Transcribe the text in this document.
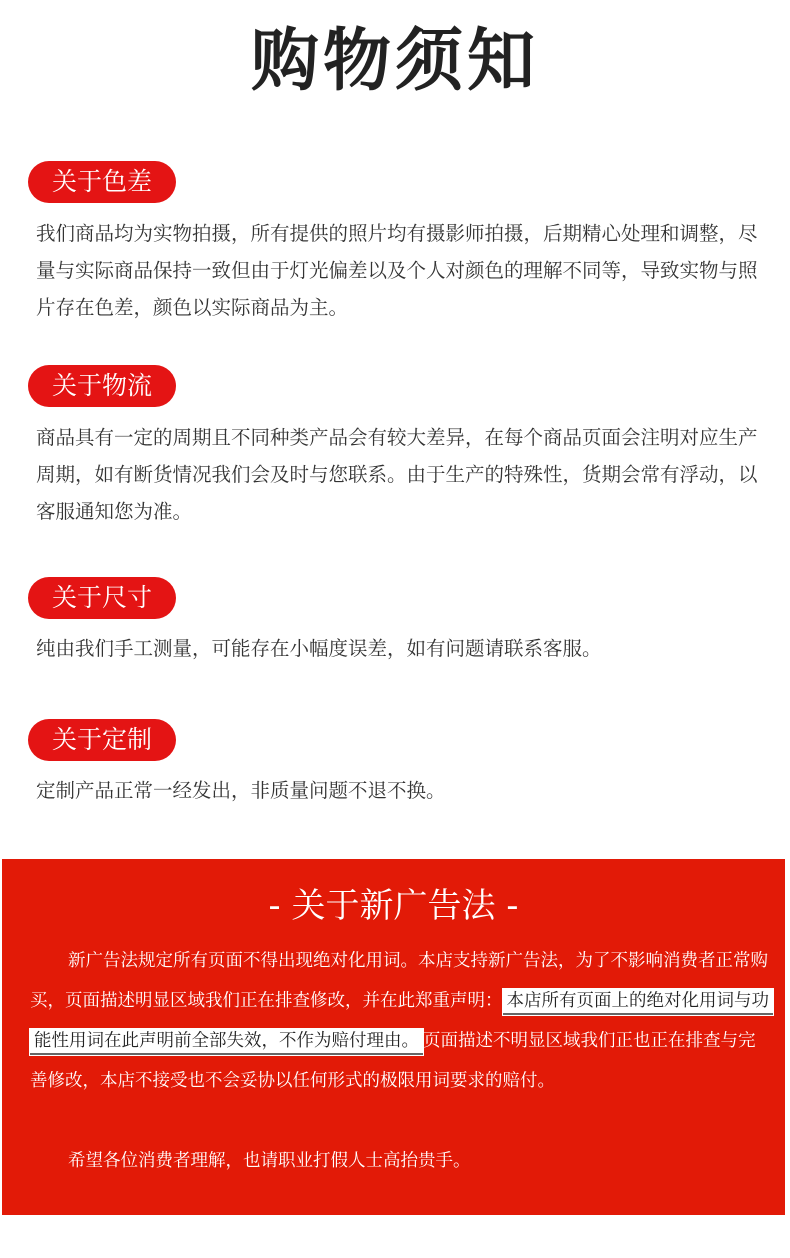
购物须知
关于色差
我们商品均为实物拍摄，所有提供的照片均有摄影师拍摄，后期精心处理和调整，尽量与实际商品保持一致但由于灯光偏差以及个人对颜色的理解不同等，导致实物与照片存在色差，颜色以实际商品为主。
关于物流
商品具有一定的周期且不同种类产品会有较大差异，在每个商品页面会注明对应生产周期，如有断货情况我们会及时与您联系。由于生产的特殊性，货期会常有浮动，以客服通知您为准。
关于尺寸
纯由我们手工测量，可能存在小幅度误差，如有问题请联系客服。
关于定制
定制产品正常一经发出，非质量问题不退不换。
- 关于新广告法 -
新广告法规定所有页面不得出现绝对化用词。本店支持新广告法，为了不影响消费者正常购买，页面描述明显区域我们正在排查修改，并在此郑重声明： 本店所有页面上的绝对化用词与功能性用词在此声明前全部失效，不作为赔付理由。 页面描述不明显区域我们正也正在排查与完善修改，本店不接受也不会妥协以任何形式的极限用词要求的赔付。
希望各位消费者理解，也请职业打假人士高抬贵手。
